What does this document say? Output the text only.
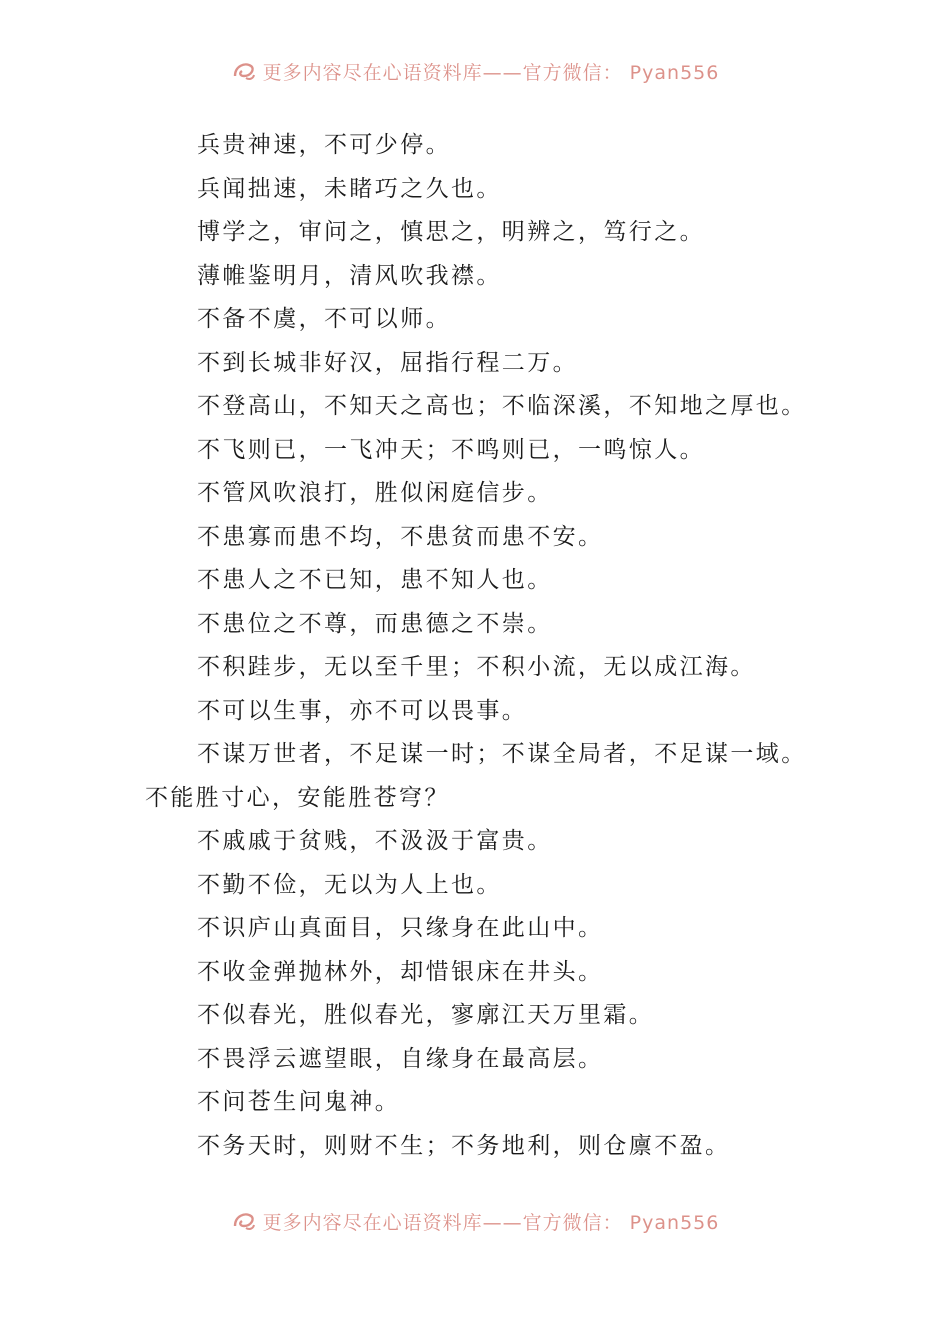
更多内容尽在心语资料库——官方微信： Pyan556
兵贵神速，不可少停。
兵闻拙速，未睹巧之久也。
博学之，审问之，慎思之，明辨之，笃行之。
薄帷鉴明月，清风吹我襟。
不备不虞，不可以师。
不到长城非好汉，屈指行程二万。
不登高山，不知天之高也；不临深溪，不知地之厚也。
不飞则已，一飞冲天；不鸣则已，一鸣惊人。
不管风吹浪打，胜似闲庭信步。
不患寡而患不均，不患贫而患不安。
不患人之不已知，患不知人也。
不患位之不尊，而患德之不崇。
不积跬步，无以至千里；不积小流，无以成江海。
不可以生事，亦不可以畏事。
不谋万世者，不足谋一时；不谋全局者，不足谋一域。
不能胜寸心，安能胜苍穹？
不戚戚于贫贱，不汲汲于富贵。
不勤不俭，无以为人上也。
不识庐山真面目，只缘身在此山中。
不收金弹抛林外，却惜银床在井头。
不似春光，胜似春光，寥廓江天万里霜。
不畏浮云遮望眼，自缘身在最高层。
不问苍生问鬼神。
不务天时，则财不生；不务地利，则仓廪不盈。
更多内容尽在心语资料库——官方微信： Pyan556
